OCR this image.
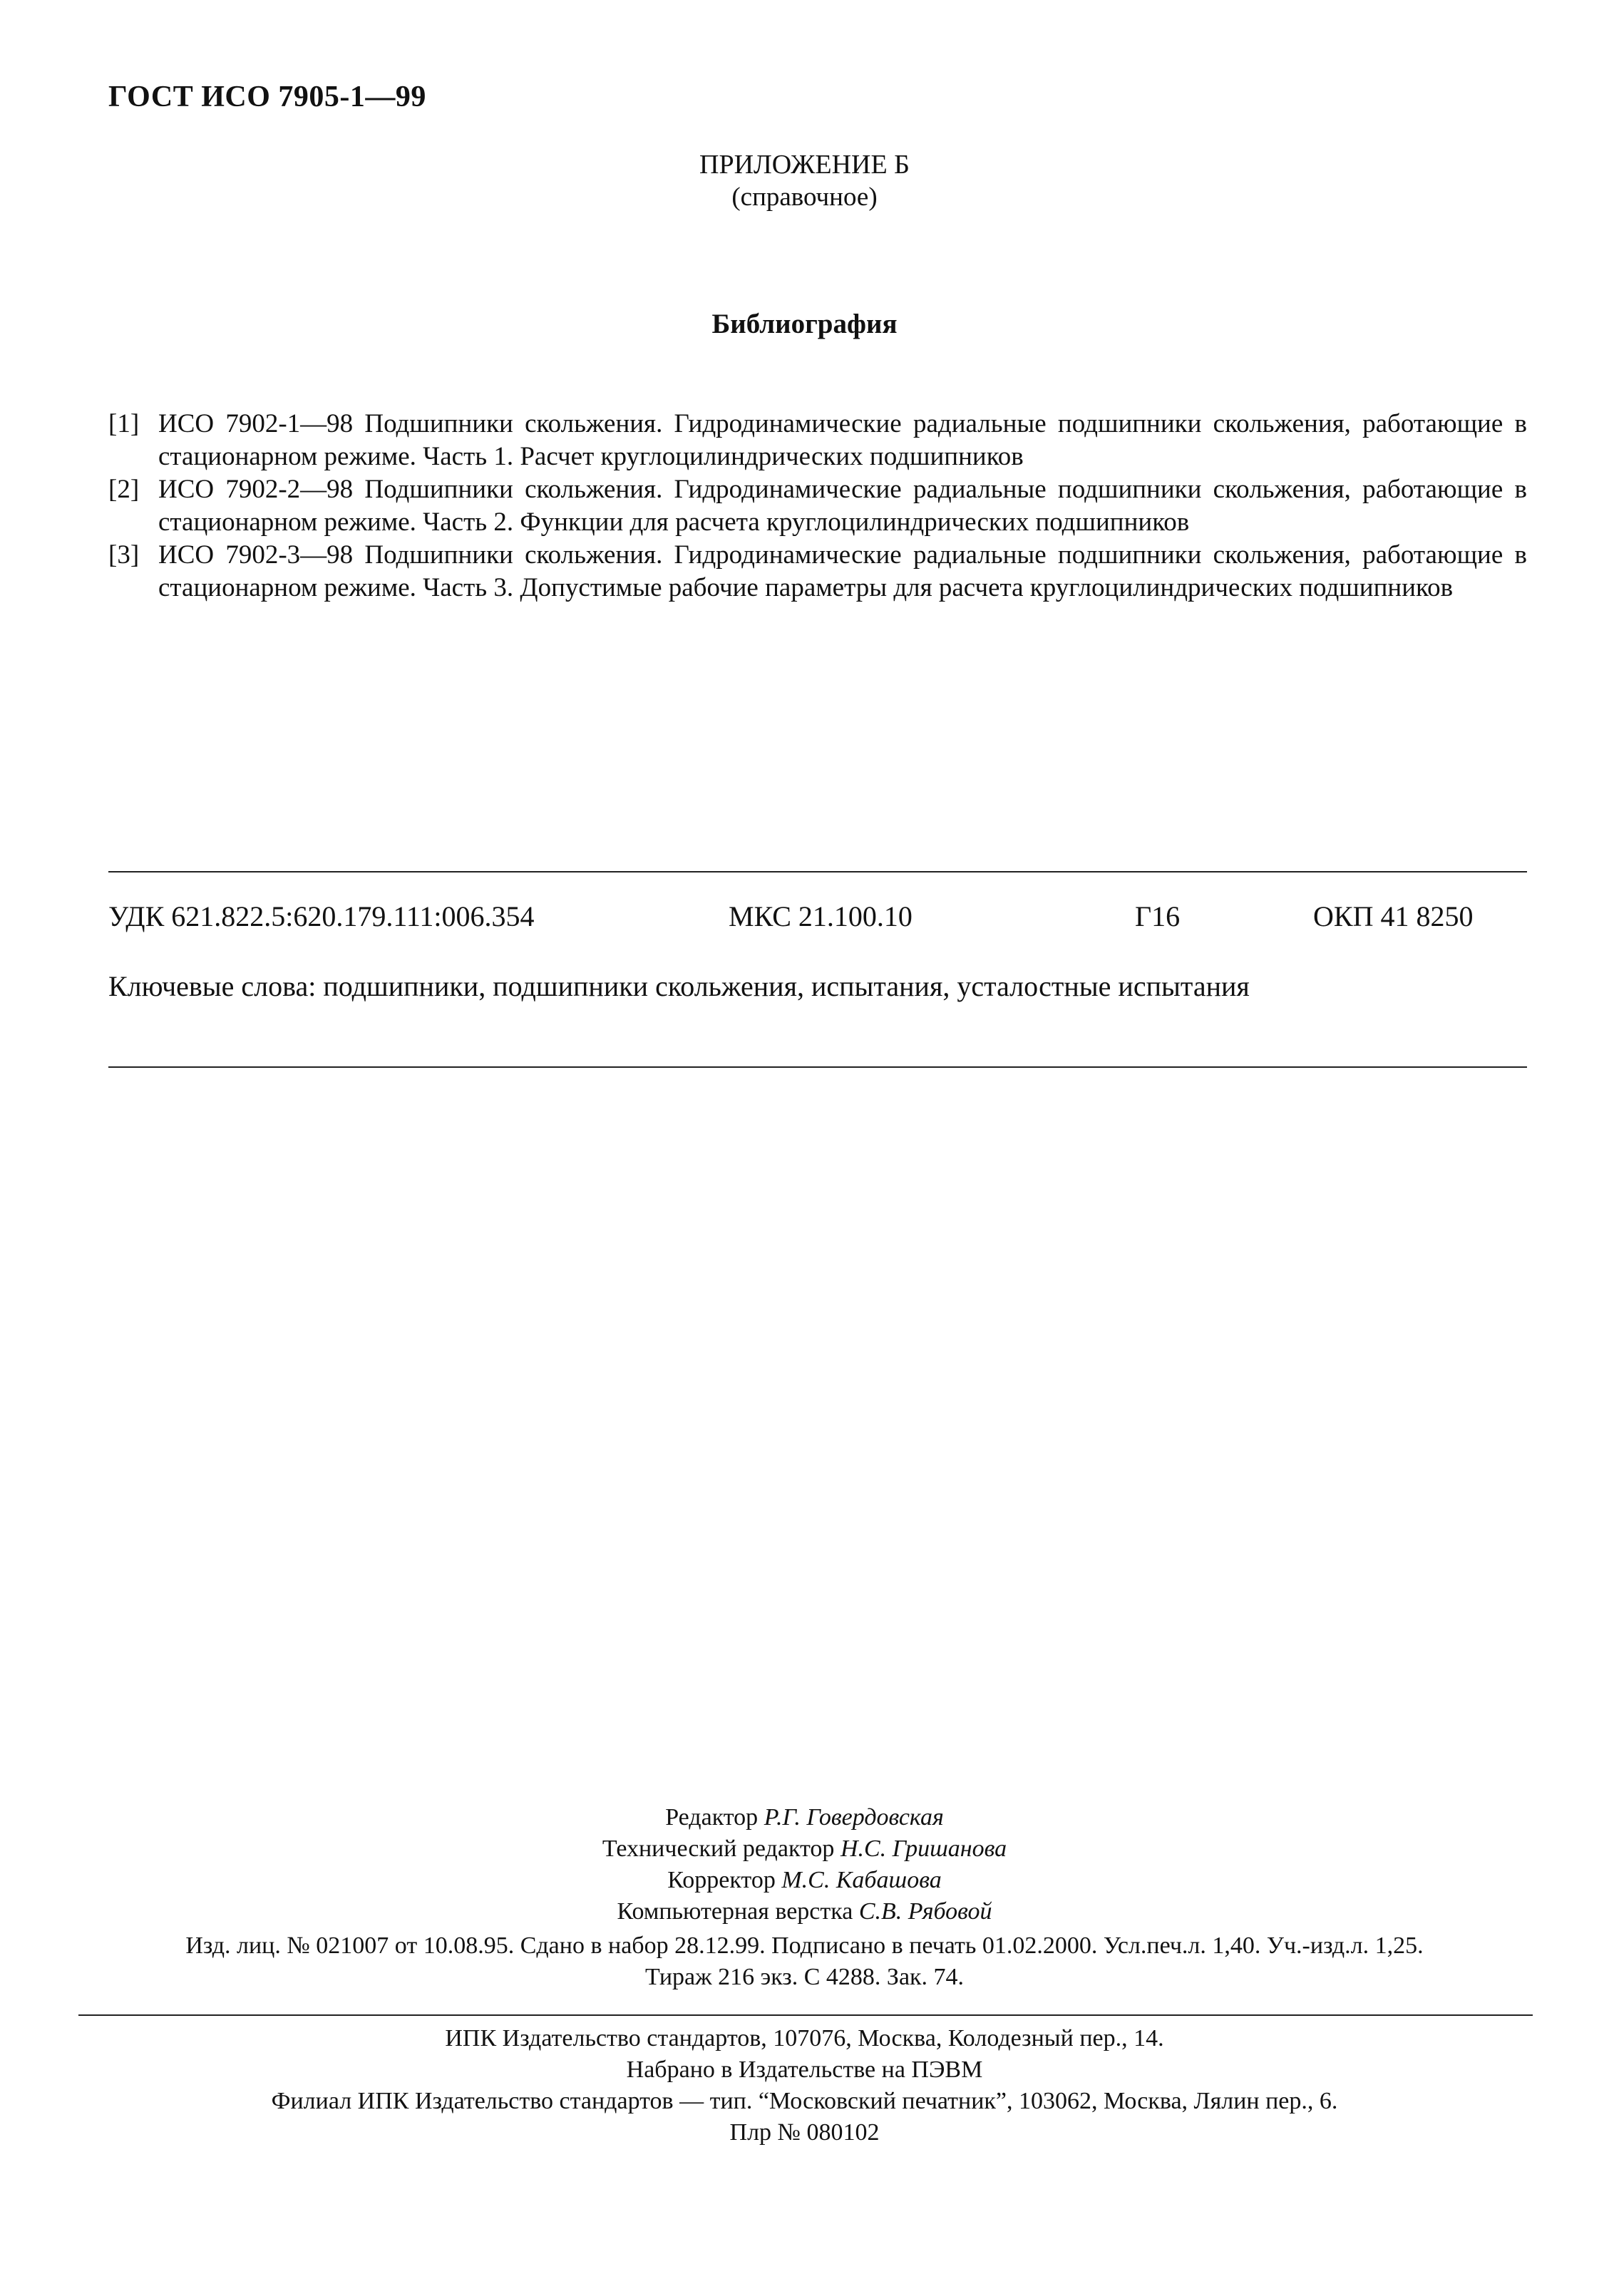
ГОСТ ИСО 7905-1—99
ПРИЛОЖЕНИЕ Б
(справочное)
Библиография
[1] ИСО 7902-1—98 Подшипники скольжения. Гидродинамические радиальные подшипники скольжения, работающие в стационарном режиме. Часть 1. Расчет круглоцилиндрических подшипников
[2] ИСО 7902-2—98 Подшипники скольжения. Гидродинамические радиальные подшипники скольжения, работающие в стационарном режиме. Часть 2. Функции для расчета круглоцилиндрических подшипников
[3] ИСО 7902-3—98 Подшипники скольжения. Гидродинамические радиальные подшипники скольжения, работающие в стационарном режиме. Часть 3. Допустимые рабочие параметры для расчета круглоцилиндрических подшипников
УДК 621.822.5:620.179.111:006.354	МКС 21.100.10	Г16	ОКП 41 8250
Ключевые слова: подшипники, подшипники скольжения, испытания, усталостные испытания
Редактор Р.Г. Говердовская
Технический редактор Н.С. Гришанова
Корректор М.С. Кабашова
Компьютерная верстка С.В. Рябовой
Изд. лиц. № 021007 от 10.08.95. Сдано в набор 28.12.99. Подписано в печать 01.02.2000. Усл.печ.л. 1,40. Уч.-изд.л. 1,25.
Тираж 216 экз. С 4288. Зак. 74.
ИПК Издательство стандартов, 107076, Москва, Колодезный пер., 14.
Набрано в Издательстве на ПЭВМ
Филиал ИПК Издательство стандартов — тип. “Московский печатник”, 103062, Москва, Лялин пер., 6.
Плр № 080102
